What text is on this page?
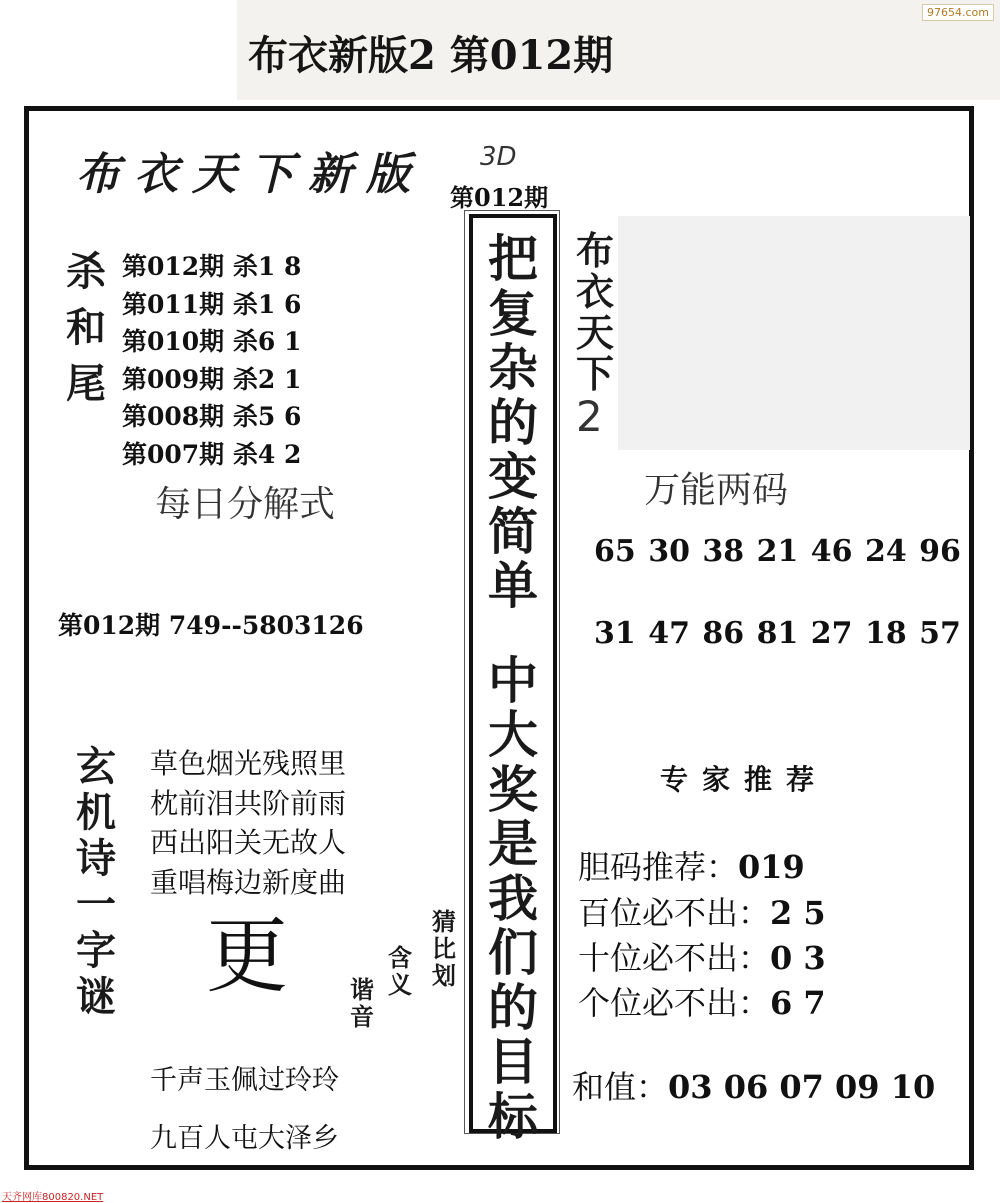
布衣新版2 第012期
97654.com
天齐网库800820.NET
布衣天下新版 3D
第012期
杀
和
尾
第012期 杀1 8
第011期 杀1 6
第010期 杀6 1
第009期 杀2 1
第008期 杀5 6
第007期 杀4 2
每日分解式
第012期 749--5803126
玄
机
诗
一
字
谜
草色烟光残照里
枕前泪共阶前雨
西出阳关无故人
重唱梅边新度曲
更	猜
比
划
含
义
谐
音
千声玉佩过玲玲
九百人屯大泽乡
把
复
杂
的
变
简
单
中
大
奖
是
我
们
的
目
标
布
衣
天
下
2
万能两码
65 30 38 21 46 24 96
31 47 86 81 27 18 57
专家推荐
胆码推荐：019
百位必不出：2 5
十位必不出：0 3
个位必不出：6 7
和值：03 06 07 09 10
